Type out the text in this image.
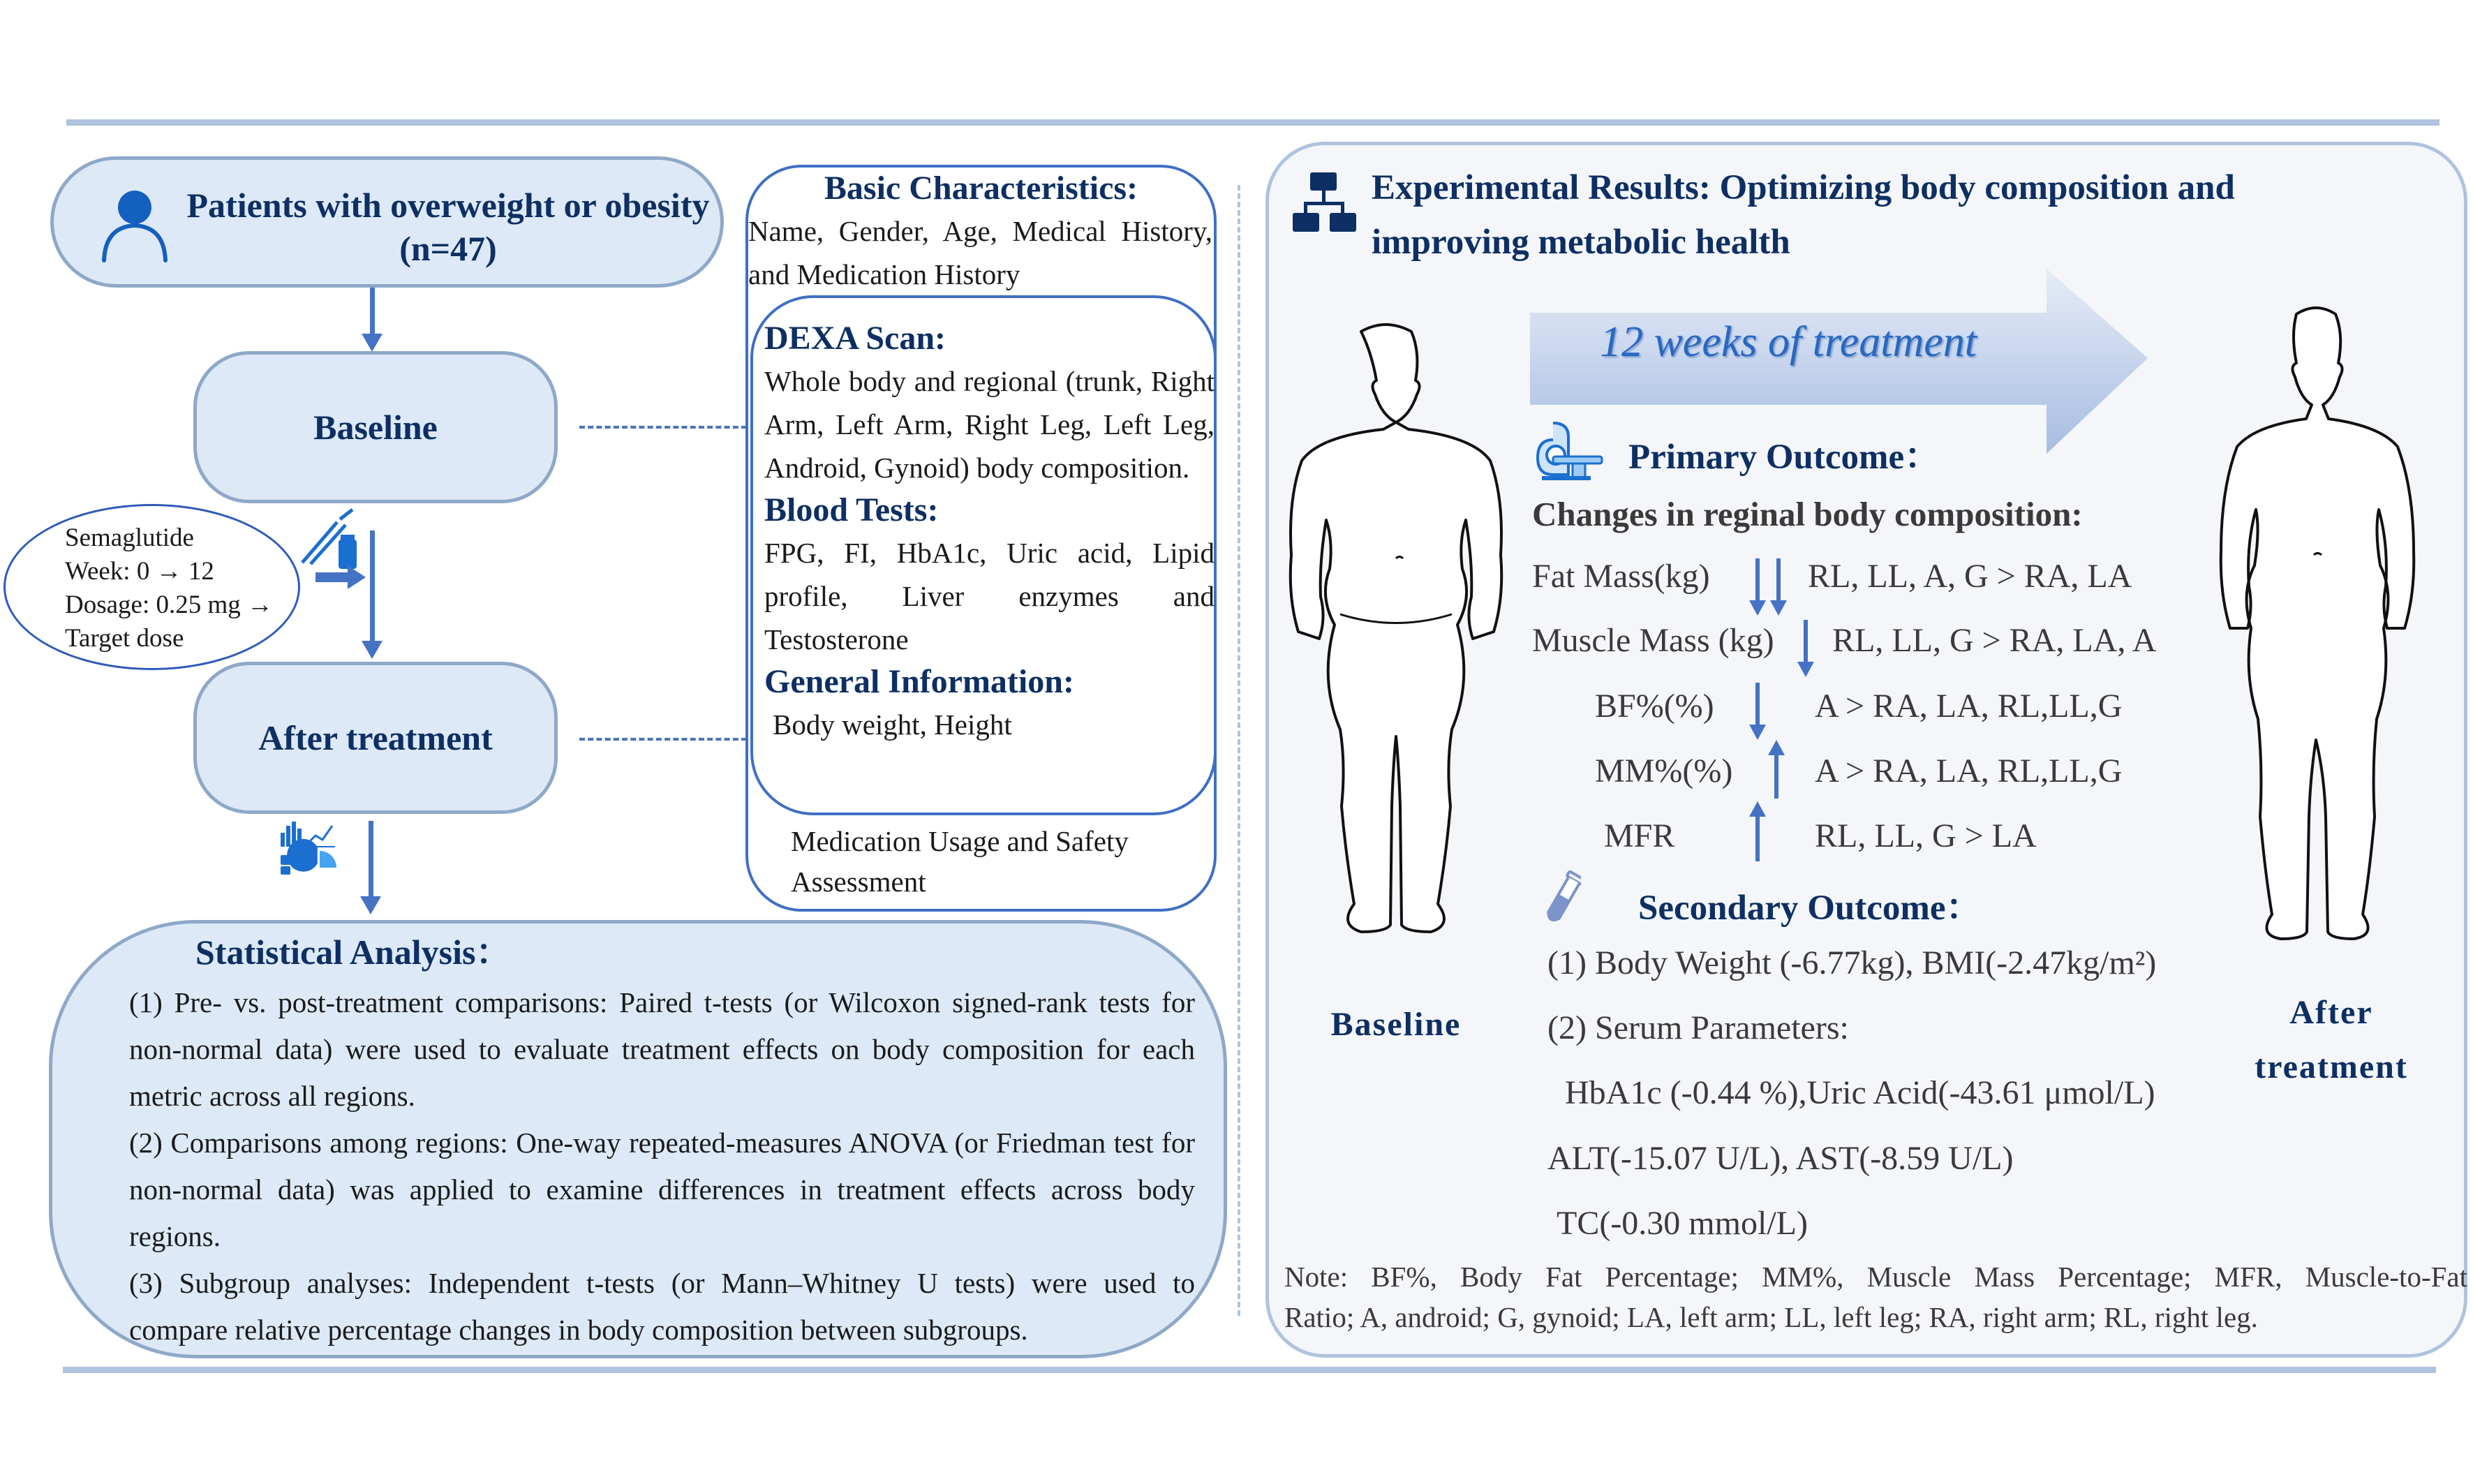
Patients with overweight or obesity
(n=47)
Baseline
Semaglutide
Week: 0 → 12
Dosage: 0.25 mg →
Target dose
After treatment
Basic Characteristics:

Name, Gender, Age, Medical History, and Medication History

DEXA Scan:

Whole body and regional (trunk, Right Arm, Left Arm, Right Leg, Left Leg, Android, Gynoid) body composition.

Blood Tests:

FPG, FI, HbA1c, Uric acid, Lipid profile, Liver enzymes and Testosterone

General Information:

Body weight, Height

Medication Usage and Safety Assessment

Statistical Analysis：

(1) Pre- vs. post-treatment comparisons: Paired t-tests (or Wilcoxon signed-rank tests for non-normal data) were used to evaluate treatment effects on body composition for each metric across all regions.

(2) Comparisons among regions: One-way repeated-measures ANOVA (or Friedman test for non-normal data) was applied to examine differences in treatment effects across body regions.

(3) Subgroup analyses: Independent t-tests (or Mann–Whitney U tests) were used to compare relative percentage changes in body composition between subgroups.

Experimental Results: Optimizing body composition and
improving metabolic health
12 weeks of treatment
Baseline	After
treatment
Primary Outcome：
Changes in reginal body composition:
Fat Mass(kg)	RL, LL, A, G > RA, LA
Muscle Mass (kg) RL, LL, G > RA, LA, A
BF%(%)	A > RA, LA, RL,LL,G
MM%(%) A > RA, LA, RL,LL,G
MFR	RL, LL, G > LA
Secondary Outcome：
(1) Body Weight (-6.77kg), BMI(-2.47kg/m²)
(2) Serum Parameters:
HbA1c (-0.44 %),Uric Acid(-43.61 μmol/L)
ALT(-15.07 U/L), AST(-8.59 U/L)
TC(-0.30 mmol/L)
Note: BF%, Body Fat Percentage; MM%, Muscle Mass Percentage; MFR, Muscle-to-Fat
Ratio; A, android; G, gynoid; LA, left arm; LL, left leg; RA, right arm; RL, right leg.
